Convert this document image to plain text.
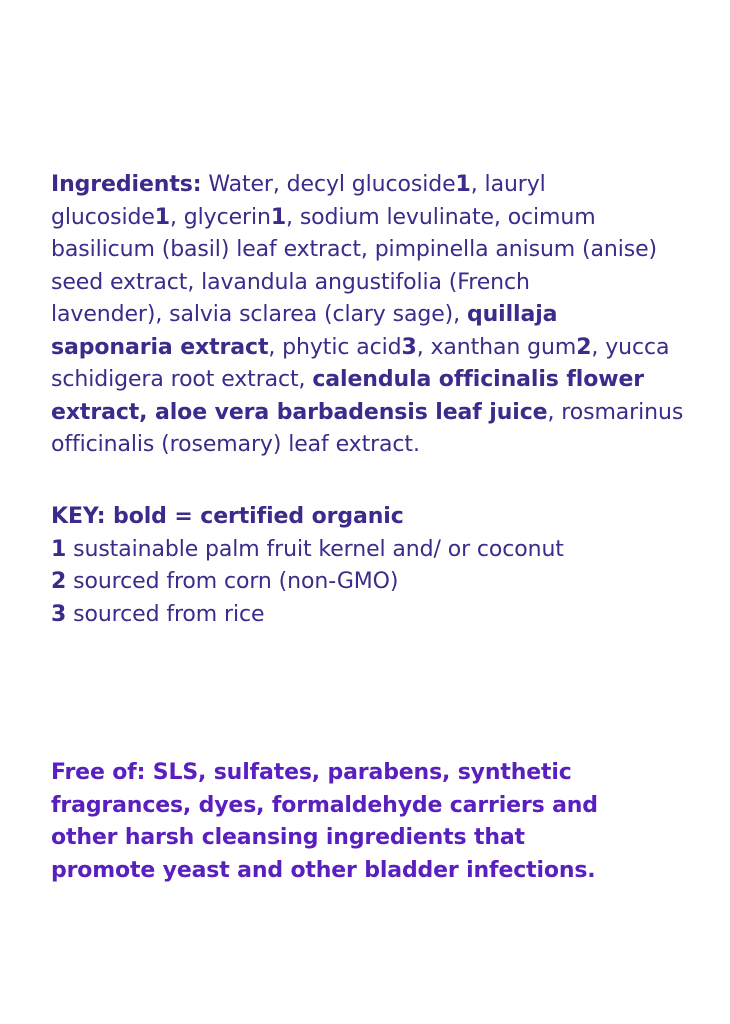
Ingredients: Water, decyl glucoside1, lauryl
glucoside1, glycerin1, sodium levulinate, ocimum
basilicum (basil) leaf extract, pimpinella anisum (anise)
seed extract, lavandula angustifolia (French
lavender), salvia sclarea (clary sage), quillaja
saponaria extract, phytic acid3, xanthan gum2, yucca
schidigera root extract, calendula officinalis flower
extract, aloe vera barbadensis leaf juice, rosmarinus
officinalis (rosemary) leaf extract.
KEY: bold = certified organic
1 sustainable palm fruit kernel and/ or coconut
2 sourced from corn (non-GMO)
3 sourced from rice
Free of: SLS, sulfates, parabens, synthetic
fragrances, dyes, formaldehyde carriers and
other harsh cleansing ingredients that
promote yeast and other bladder infections.
